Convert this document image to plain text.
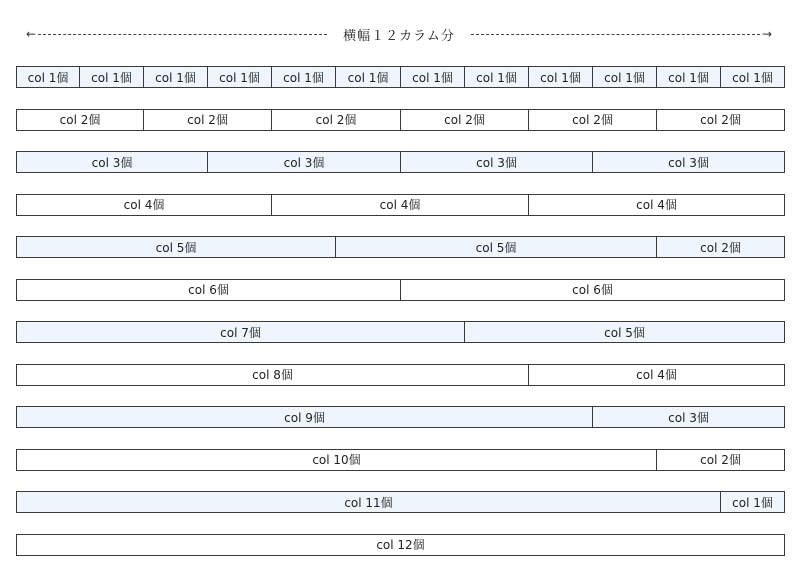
←	横幅１２カラム分	→
col 1個	col 1個	col 1個	col 1個	col 1個	col 1個	col 1個	col 1個	col 1個	col 1個	col 1個	col 1個
col 2個	col 2個	col 2個	col 2個	col 2個	col 2個
col 3個	col 3個	col 3個	col 3個
col 4個	col 4個	col 4個
col 5個	col 5個	col 2個
col 6個	col 6個
col 7個	col 5個
col 8個	col 4個
col 9個	col 3個
col 10個	col 2個
col 11個	col 1個
col 12個
